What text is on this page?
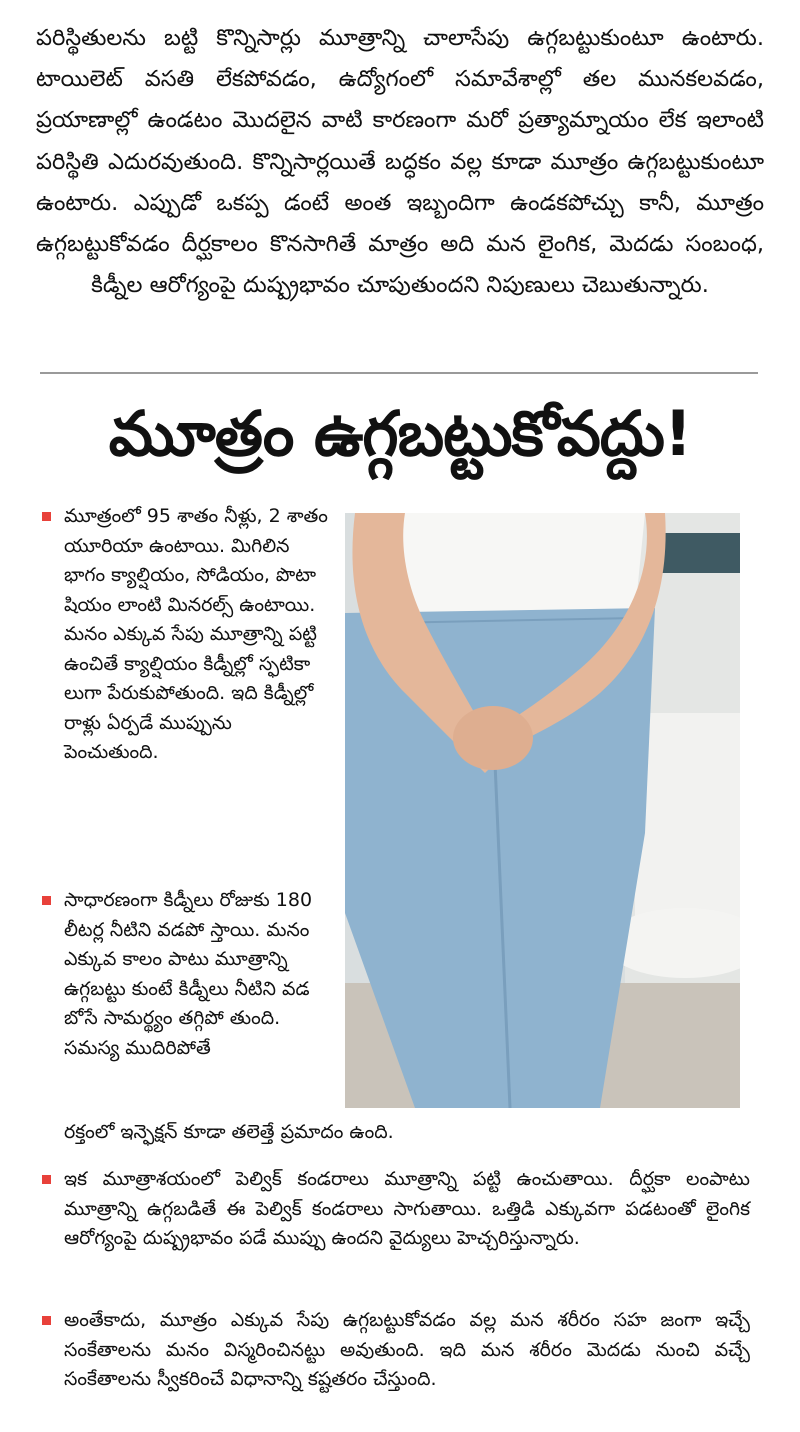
పరిస్థితులను బట్టి కొన్నిసార్లు మూత్రాన్ని చాలాసేపు ఉగ్గబట్టుకుంటూ ఉంటారు. టాయిలెట్‌ వసతి లేకపోవడం, ఉద్యోగంలో సమావేశాల్లో తల మునకలవడం, ప్రయాణాల్లో ఉండటం మొదలైన వాటి కారణంగా మరో ప్రత్యామ్నాయం లేక ఇలాంటి పరిస్థితి ఎదురవుతుంది. కొన్నిసార్లయితే బద్ధకం వల్ల కూడా మూత్రం ఉగ్గబట్టుకుంటూ ఉంటారు. ఎప్పుడో ఒకప్ప డంటే అంత ఇబ్బందిగా ఉండకపోచ్చు కానీ, మూత్రం ఉగ్గబట్టుకోవడం దీర్ఘకాలం కొనసాగితే మాత్రం అది మన లైంగిక, మెదడు సంబంధ, కిడ్నీల ఆరోగ్యంపై దుష్ప్రభావం చూపుతుందని నిపుణులు చెబుతున్నారు.

మూత్రం ఉగ్గబట్టుకోవద్దు!
మూత్రంలో 95 శాతం నీళ్లు, 2 శాతం యూరియా ఉంటాయి. మిగిలిన భాగం క్యాల్షియం, సోడియం, పొటా షియం లాంటి మినరల్స్‌ ఉంటాయి. మనం ఎక్కువ సేపు మూత్రాన్ని పట్టి ఉంచితే క్యాల్షియం కిడ్నీల్లో స్ఫటికా లుగా పేరుకుపోతుంది. ఇది కిడ్నీల్లో రాళ్లు ఏర్పడే ముప్పును పెంచుతుంది.
సాధారణంగా కిడ్నీలు రోజుకు 180 లీటర్ల నీటిని వడపో స్తాయి. మనం ఎక్కువ కాలం పాటు మూత్రాన్ని ఉగ్గబట్టు కుంటే కిడ్నీలు నీటిని వడ బోసే సామర్థ్యం తగ్గిపో తుంది. సమస్య ముదిరిపోతే
ఇక మూత్రాశయంలో పెల్విక్‌ కండరాలు మూత్రాన్ని పట్టి ఉంచుతాయి. దీర్ఘకా లంపాటు మూత్రాన్ని ఉగ్గబడితే ఈ పెల్విక్‌ కండరాలు సాగుతాయి. ఒత్తిడి ఎక్కువగా పడటంతో లైంగిక ఆరోగ్యంపై దుష్ప్రభావం పడే ముప్పు ఉందని వైద్యులు హెచ్చరిస్తున్నారు.
అంతేకాదు, మూత్రం ఎక్కువ సేపు ఉగ్గబట్టుకోవడం వల్ల మన శరీరం సహ జంగా ఇచ్చే సంకేతాలను మనం విస్మరించినట్టు అవుతుంది. ఇది మన శరీరం మెదడు నుంచి వచ్చే సంకేతాలను స్వీకరించే విధానాన్ని కష్టతరం చేస్తుంది.

రక్తంలో ఇన్ఫెక్షన్‌ కూడా తలెత్తే ప్రమాదం ఉంది.
